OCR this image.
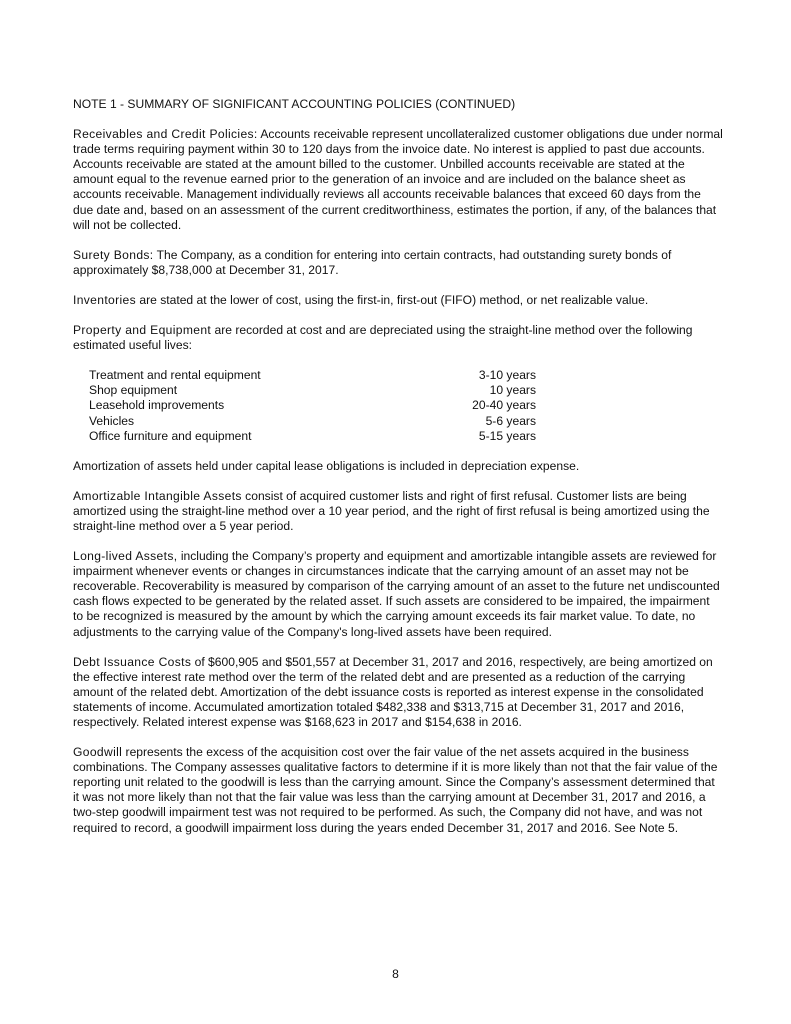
NOTE 1 - SUMMARY OF SIGNIFICANT ACCOUNTING POLICIES (CONTINUED)

Receivables and Credit Policies: Accounts receivable represent uncollateralized customer obligations due under normal trade terms requiring payment within 30 to 120 days from the invoice date. No interest is applied to past due accounts. Accounts receivable are stated at the amount billed to the customer. Unbilled accounts receivable are stated at the amount equal to the revenue earned prior to the generation of an invoice and are included on the balance sheet as accounts receivable. Management individually reviews all accounts receivable balances that exceed 60 days from the due date and, based on an assessment of the current creditworthiness, estimates the portion, if any, of the balances that will not be collected.

Surety Bonds: The Company, as a condition for entering into certain contracts, had outstanding surety bonds of approximately $8,738,000 at December 31, 2017.

Inventories are stated at the lower of cost, using the first-in, first-out (FIFO) method, or net realizable value.

Property and Equipment are recorded at cost and are depreciated using the straight-line method over the following estimated useful lives:

Treatment and rental equipment	3-10 years
Shop equipment	10 years
Leasehold improvements	20-40 years
Vehicles	5-6 years
Office furniture and equipment	5-15 years

Amortization of assets held under capital lease obligations is included in depreciation expense.

Amortizable Intangible Assets consist of acquired customer lists and right of first refusal. Customer lists are being amortized using the straight-line method over a 10 year period, and the right of first refusal is being amortized using the straight-line method over a 5 year period.

Long-lived Assets, including the Company’s property and equipment and amortizable intangible assets are reviewed for impairment whenever events or changes in circumstances indicate that the carrying amount of an asset may not be recoverable. Recoverability is measured by comparison of the carrying amount of an asset to the future net undiscounted cash flows expected to be generated by the related asset. If such assets are considered to be impaired, the impairment to be recognized is measured by the amount by which the carrying amount exceeds its fair market value. To date, no adjustments to the carrying value of the Company's long-lived assets have been required.

Debt Issuance Costs of $600,905 and $501,557 at December 31, 2017 and 2016, respectively, are being amortized on the effective interest rate method over the term of the related debt and are presented as a reduction of the carrying amount of the related debt. Amortization of the debt issuance costs is reported as interest expense in the consolidated statements of income. Accumulated amortization totaled $482,338 and $313,715 at December 31, 2017 and 2016, respectively. Related interest expense was $168,623 in 2017 and $154,638 in 2016.

Goodwill represents the excess of the acquisition cost over the fair value of the net assets acquired in the business combinations. The Company assesses qualitative factors to determine if it is more likely than not that the fair value of the reporting unit related to the goodwill is less than the carrying amount. Since the Company’s assessment determined that it was not more likely than not that the fair value was less than the carrying amount at December 31, 2017 and 2016, a two-step goodwill impairment test was not required to be performed. As such, the Company did not have, and was not required to record, a goodwill impairment loss during the years ended December 31, 2017 and 2016. See Note 5.

8
